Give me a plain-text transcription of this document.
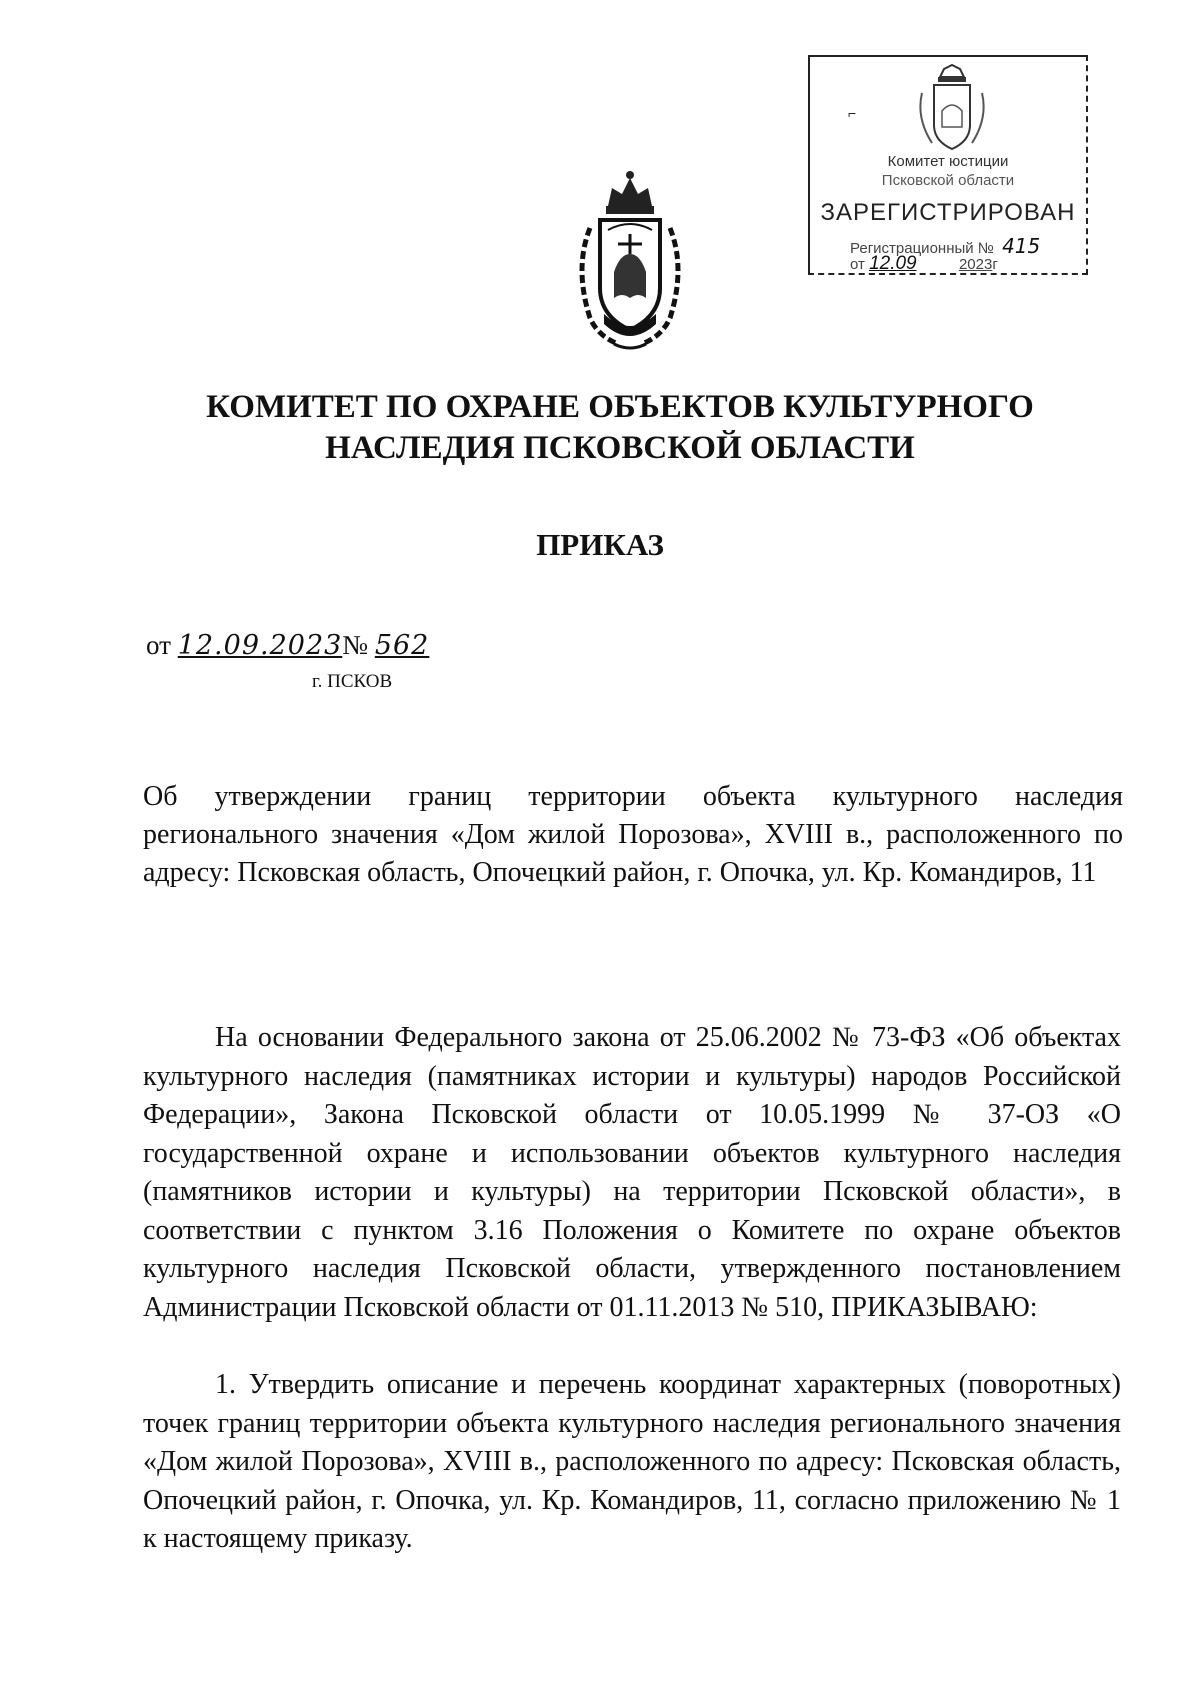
⌐
Комитет юстиции
Псковской области
ЗАРЕГИСТРИРОВАН
Регистрационный № 415
от 12.09	2023г
КОМИТЕТ ПО ОХРАНЕ ОБЪЕКТОВ КУЛЬТУРНОГО
НАСЛЕДИЯ ПСКОВСКОЙ ОБЛАСТИ
ПРИКАЗ
от 12.09.2023№ 562
г. ПСКОВ
Об утверждении границ территории объекта культурного наследия регионального значения «Дом жилой Порозова», XVIII в., расположенного по адресу: Псковская область, Опочецкий район, г. Опочка, ул. Кр. Командиров, 11
На основании Федерального закона от 25.06.2002 № 73-ФЗ «Об объектах культурного наследия (памятниках истории и культуры) народов Российской Федерации», Закона Псковской области от 10.05.1999 № 37-ОЗ «О государственной охране и использовании объектов культурного наследия (памятников истории и культуры) на территории Псковской области», в соответствии с пунктом 3.16 Положения о Комитете по охране объектов культурного наследия Псковской области, утвержденного постановлением Администрации Псковской области от 01.11.2013 № 510, ПРИКАЗЫВАЮ:
1. Утвердить описание и перечень координат характерных (поворотных) точек границ территории объекта культурного наследия регионального значения «Дом жилой Порозова», XVIII в., расположенного по адресу: Псковская область, Опочецкий район, г. Опочка, ул. Кр. Командиров, 11, согласно приложению № 1 к настоящему приказу.
